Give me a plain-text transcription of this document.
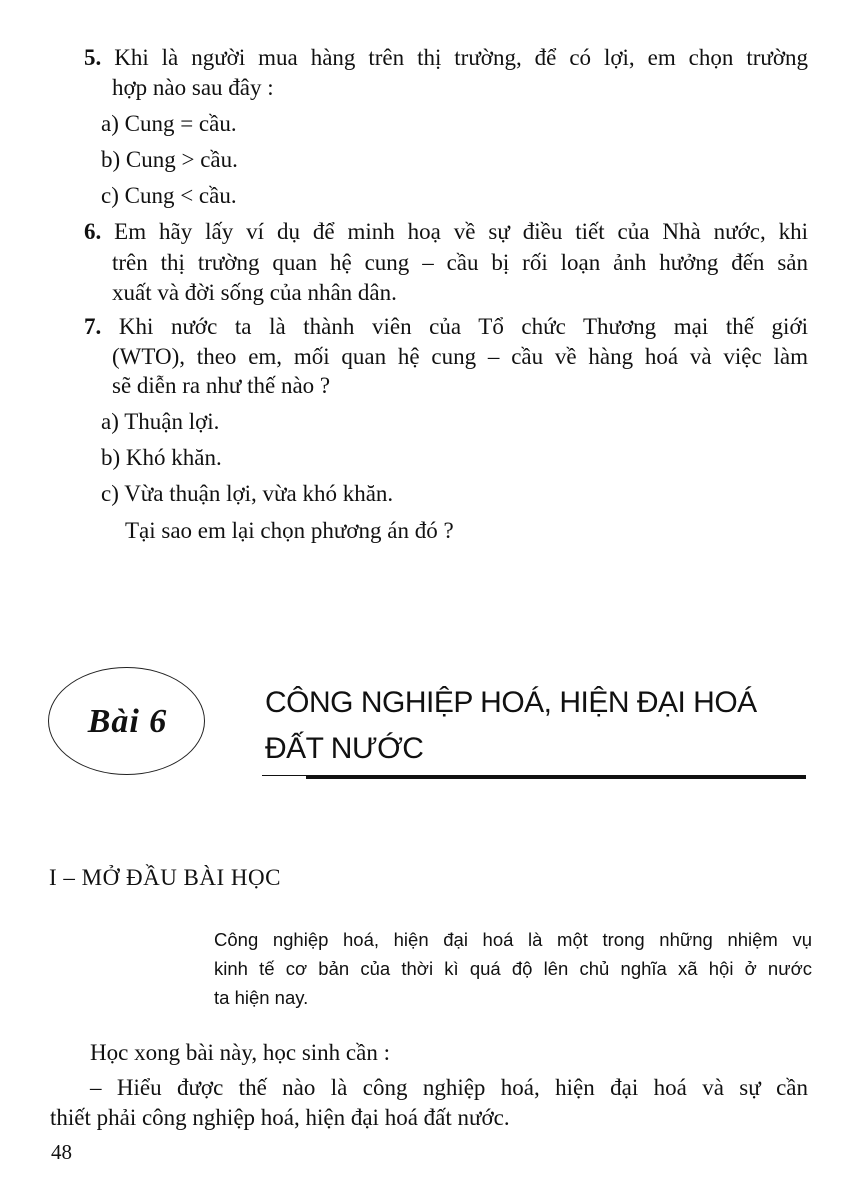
5. Khi là người mua hàng trên thị trường, để có lợi, em chọn trường
hợp nào sau đây :
a) Cung = cầu.
b) Cung > cầu.
c) Cung < cầu.
6. Em hãy lấy ví dụ để minh hoạ về sự điều tiết của Nhà nước, khi
trên thị trường quan hệ cung – cầu bị rối loạn ảnh hưởng đến sản
xuất và đời sống của nhân dân.
7. Khi nước ta là thành viên của Tổ chức Thương mại thế giới
(WTO), theo em, mối quan hệ cung – cầu về hàng hoá và việc làm
sẽ diễn ra như thế nào ?
a) Thuận lợi.
b) Khó khăn.
c) Vừa thuận lợi, vừa khó khăn.
Tại sao em lại chọn phương án đó ?
Bài 6
CÔNG NGHIỆP HOÁ, HIỆN ĐẠI HOÁ
ĐẤT NƯỚC
I – MỞ ĐẦU BÀI HỌC
Công nghiệp hoá, hiện đại hoá là một trong những nhiệm vụ
kinh tế cơ bản của thời kì quá độ lên chủ nghĩa xã hội ở nước
ta hiện nay.
Học xong bài này, học sinh cần :
– Hiểu được thế nào là công nghiệp hoá, hiện đại hoá và sự cần
thiết phải công nghiệp hoá, hiện đại hoá đất nước.
48
